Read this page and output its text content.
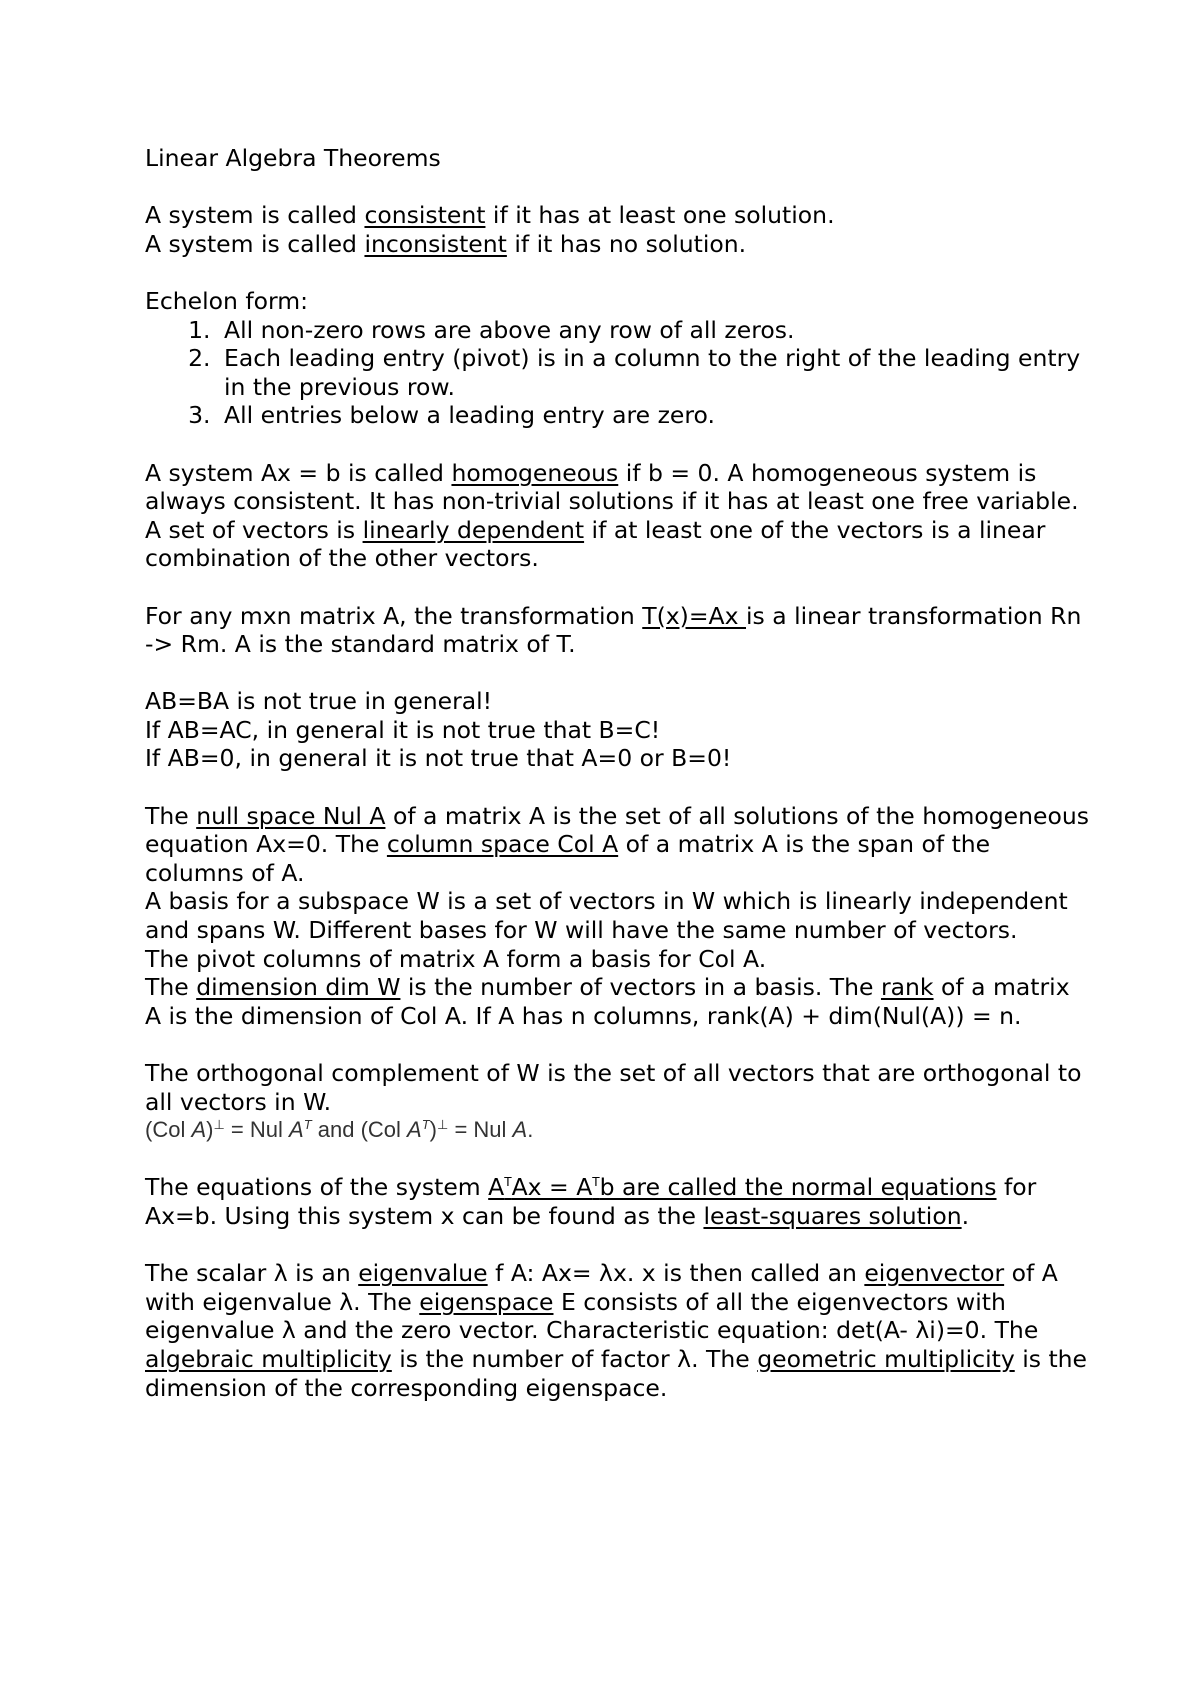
Linear Algebra Theorems

A system is called consistent if it has at least one solution.

A system is called inconsistent if it has no solution.

Echelon form:

1. All non-zero rows are above any row of all zeros.
2. Each leading entry (pivot) is in a column to the right of the leading entry in the previous row.
3. All entries below a leading entry are zero.

A system Ax = b is called homogeneous if b = 0. A homogeneous system is always consistent. It has non-trivial solutions if it has at least one free variable.

A set of vectors is linearly dependent if at least one of the vectors is a linear combination of the other vectors.

For any mxn matrix A, the transformation T(x)=Ax is a linear transformation Rn -> Rm. A is the standard matrix of T.

AB=BA is not true in general!

If AB=AC, in general it is not true that B=C!

If AB=0, in general it is not true that A=0 or B=0!

The null space Nul A of a matrix A is the set of all solutions of the homogeneous equation Ax=0. The column space Col A of a matrix A is the span of the columns of A.

A basis for a subspace W is a set of vectors in W which is linearly independent and spans W. Different bases for W will have the same number of vectors.

The pivot columns of matrix A form a basis for Col A.

The dimension dim W is the number of vectors in a basis. The rank of a matrix A is the dimension of Col A. If A has n columns, rank(A) + dim(Nul(A)) = n.

The orthogonal complement of W is the set of all vectors that are orthogonal to all vectors in W.

(Col A)⊥ = Nul $A^T$ and (Col $A^T)^\perp$ = Nul A.

The equations of the system $A^TAx = A^Tb$ are called the normal equations for Ax=b. Using this system x can be found as the least-squares solution.

The scalar λ is an eigenvalue f A: Ax= λx. x is then called an eigenvector of A with eigenvalue λ. The eigenspace E consists of all the eigenvectors with eigenvalue λ and the zero vector. Characteristic equation: det(A- λi)=0. The algebraic multiplicity is the number of factor λ. The geometric multiplicity is the dimension of the corresponding eigenspace.
